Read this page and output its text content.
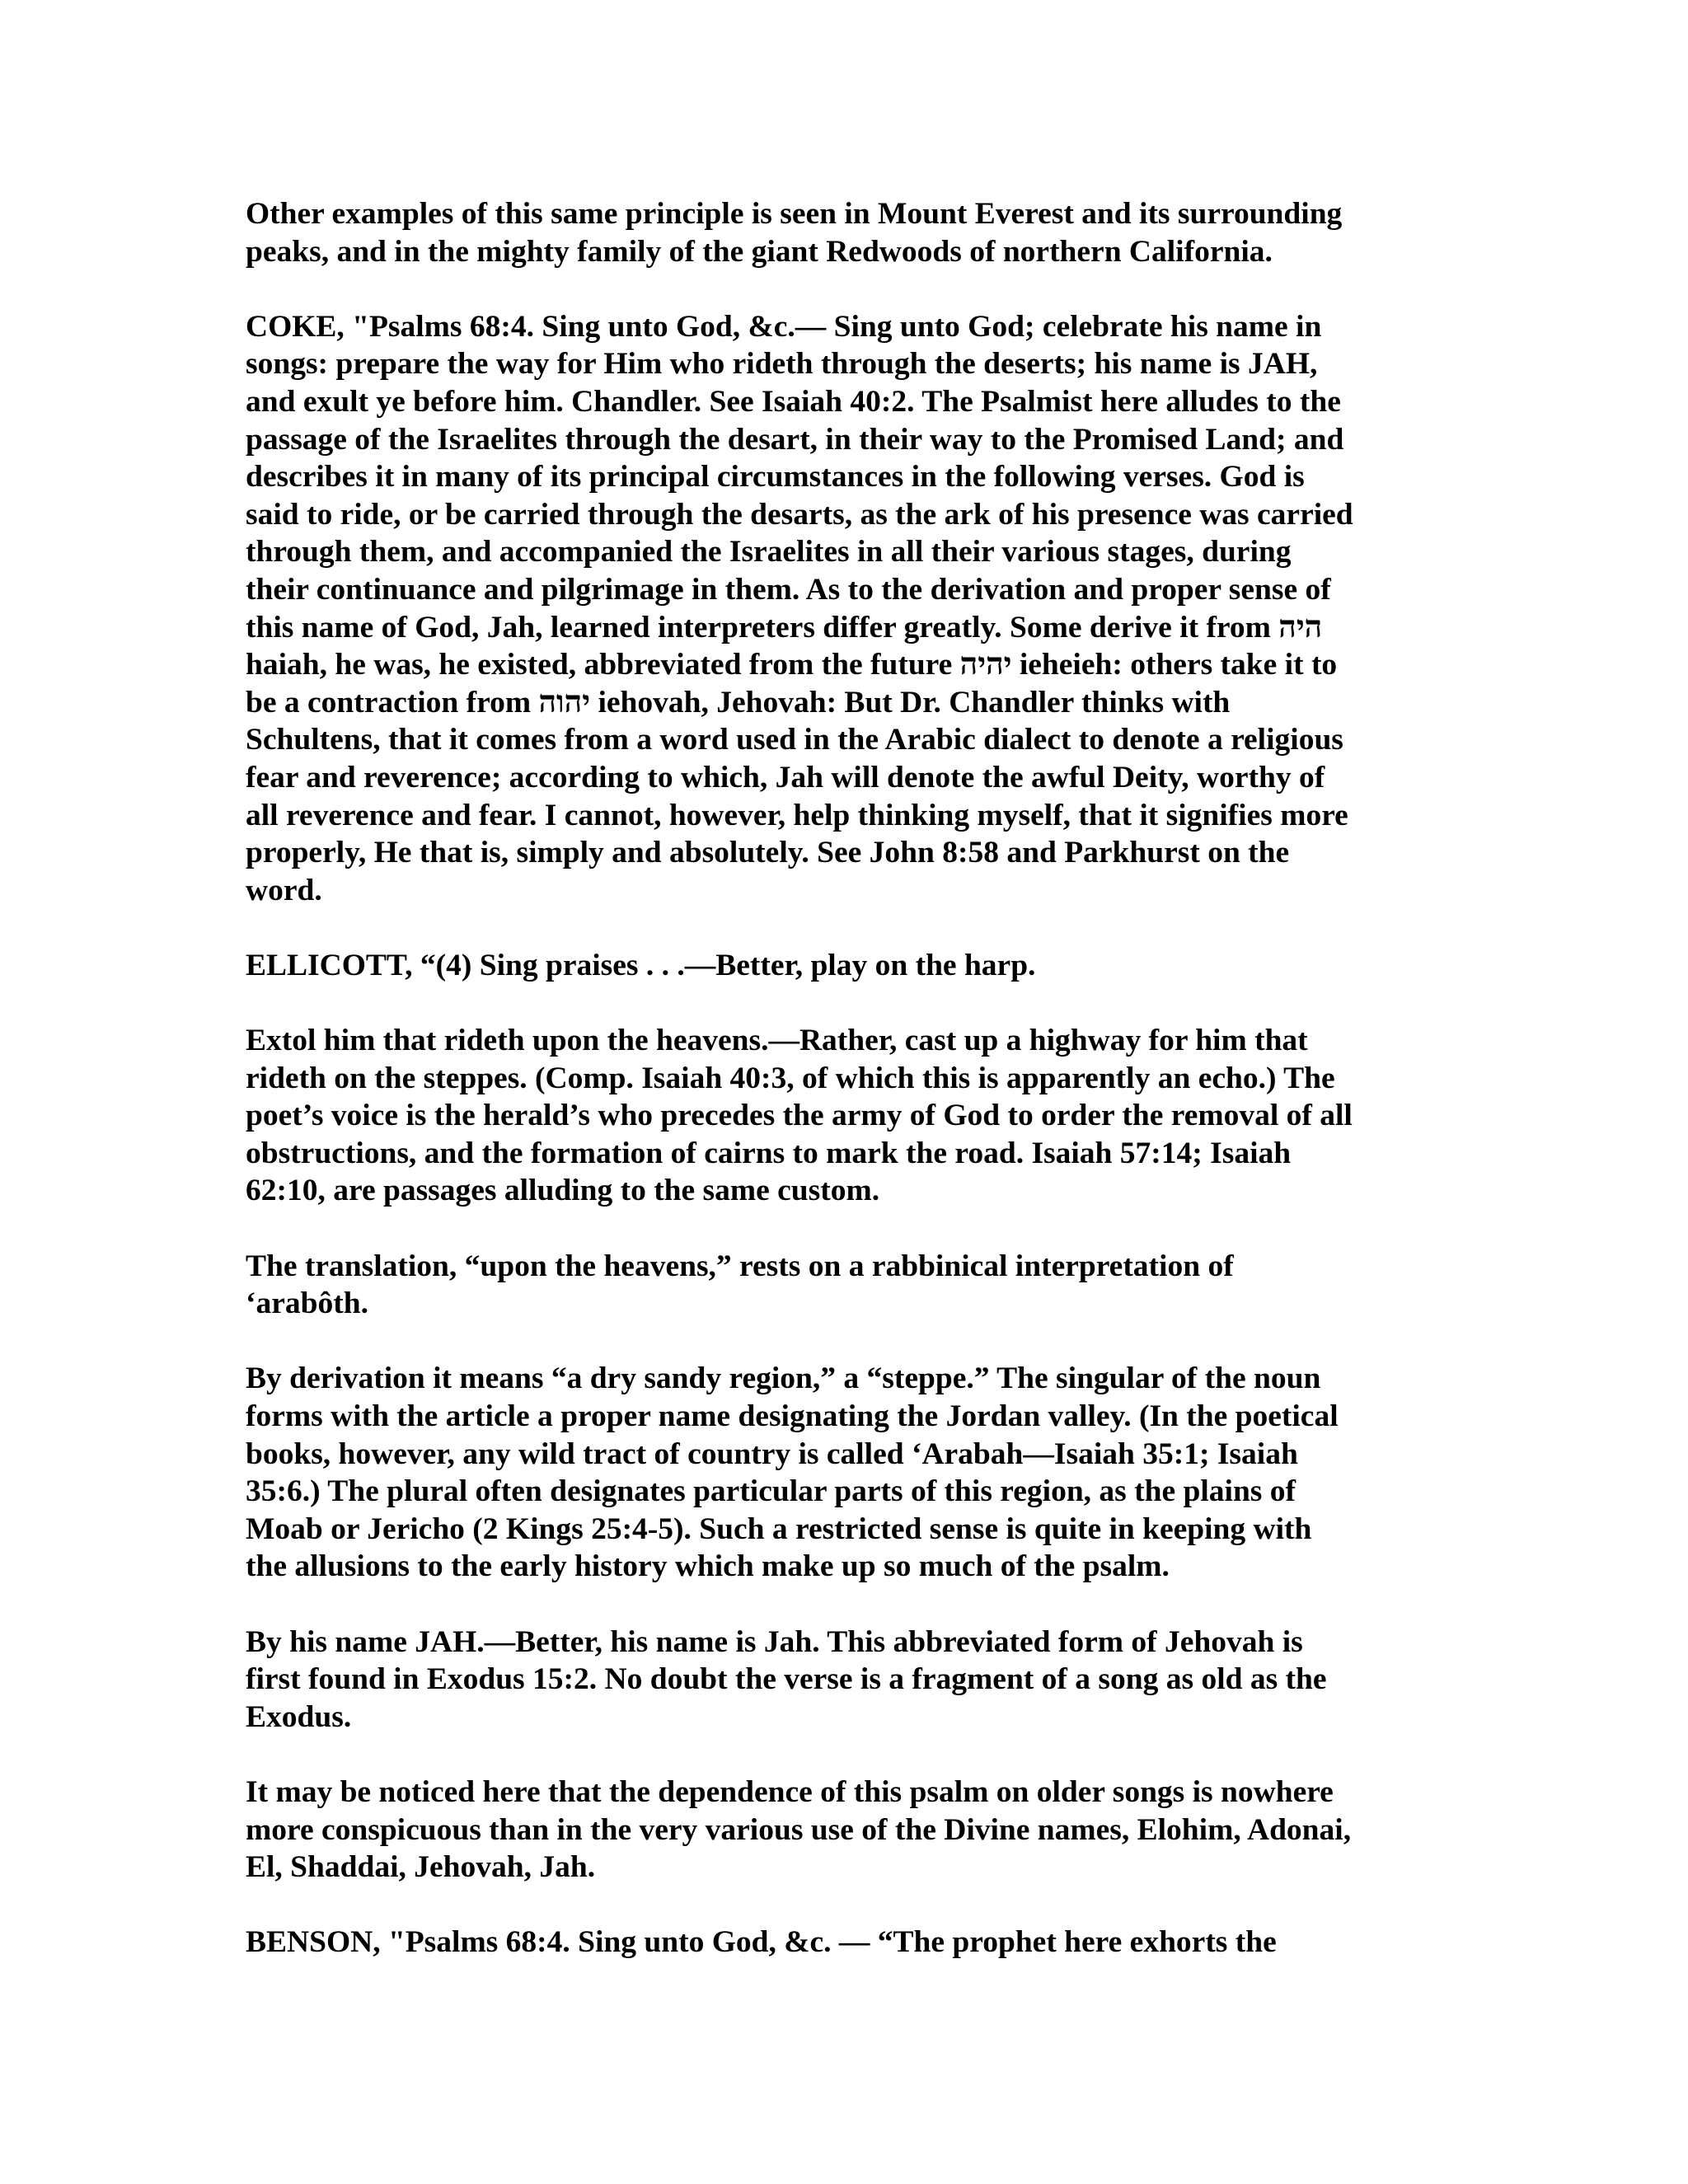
Other examples of this same principle is seen in Mount Everest and its surrounding
peaks, and in the mighty family of the giant Redwoods of northern California.

COKE, "Psalms 68:4. Sing unto God, &c.— Sing unto God; celebrate his name in
songs: prepare the way for Him who rideth through the deserts; his name is JAH,
and exult ye before him. Chandler. See Isaiah 40:2. The Psalmist here alludes to the
passage of the Israelites through the desart, in their way to the Promised Land; and
describes it in many of its principal circumstances in the following verses. God is
said to ride, or be carried through the desarts, as the ark of his presence was carried
through them, and accompanied the Israelites in all their various stages, during
their continuance and pilgrimage in them. As to the derivation and proper sense of
this name of God, Jah, learned interpreters differ greatly. Some derive it from היה
haiah, he was, he existed, abbreviated from the future יהיה ieheieh: others take it to
be a contraction from יהוה iehovah, Jehovah: But Dr. Chandler thinks with
Schultens, that it comes from a word used in the Arabic dialect to denote a religious
fear and reverence; according to which, Jah will denote the awful Deity, worthy of
all reverence and fear. I cannot, however, help thinking myself, that it signifies more
properly, He that is, simply and absolutely. See John 8:58 and Parkhurst on the
word.

ELLICOTT, “(4) Sing praises . . .—Better, play on the harp.

Extol him that rideth upon the heavens.—Rather, cast up a highway for him that
rideth on the steppes. (Comp. Isaiah 40:3, of which this is apparently an echo.) The
poet’s voice is the herald’s who precedes the army of God to order the removal of all
obstructions, and the formation of cairns to mark the road. Isaiah 57:14; Isaiah
62:10, are passages alluding to the same custom.

The translation, “upon the heavens,” rests on a rabbinical interpretation of
‘arabôth.

By derivation it means “a dry sandy region,” a “steppe.” The singular of the noun
forms with the article a proper name designating the Jordan valley. (In the poetical
books, however, any wild tract of country is called ‘Arabah—Isaiah 35:1; Isaiah
35:6.) The plural often designates particular parts of this region, as the plains of
Moab or Jericho (2 Kings 25:4-5). Such a restricted sense is quite in keeping with
the allusions to the early history which make up so much of the psalm.

By his name JAH.—Better, his name is Jah. This abbreviated form of Jehovah is
first found in Exodus 15:2. No doubt the verse is a fragment of a song as old as the
Exodus.

It may be noticed here that the dependence of this psalm on older songs is nowhere
more conspicuous than in the very various use of the Divine names, Elohim, Adonai,
El, Shaddai, Jehovah, Jah.

BENSON, "Psalms 68:4. Sing unto God, &c. — “The prophet here exhorts the
